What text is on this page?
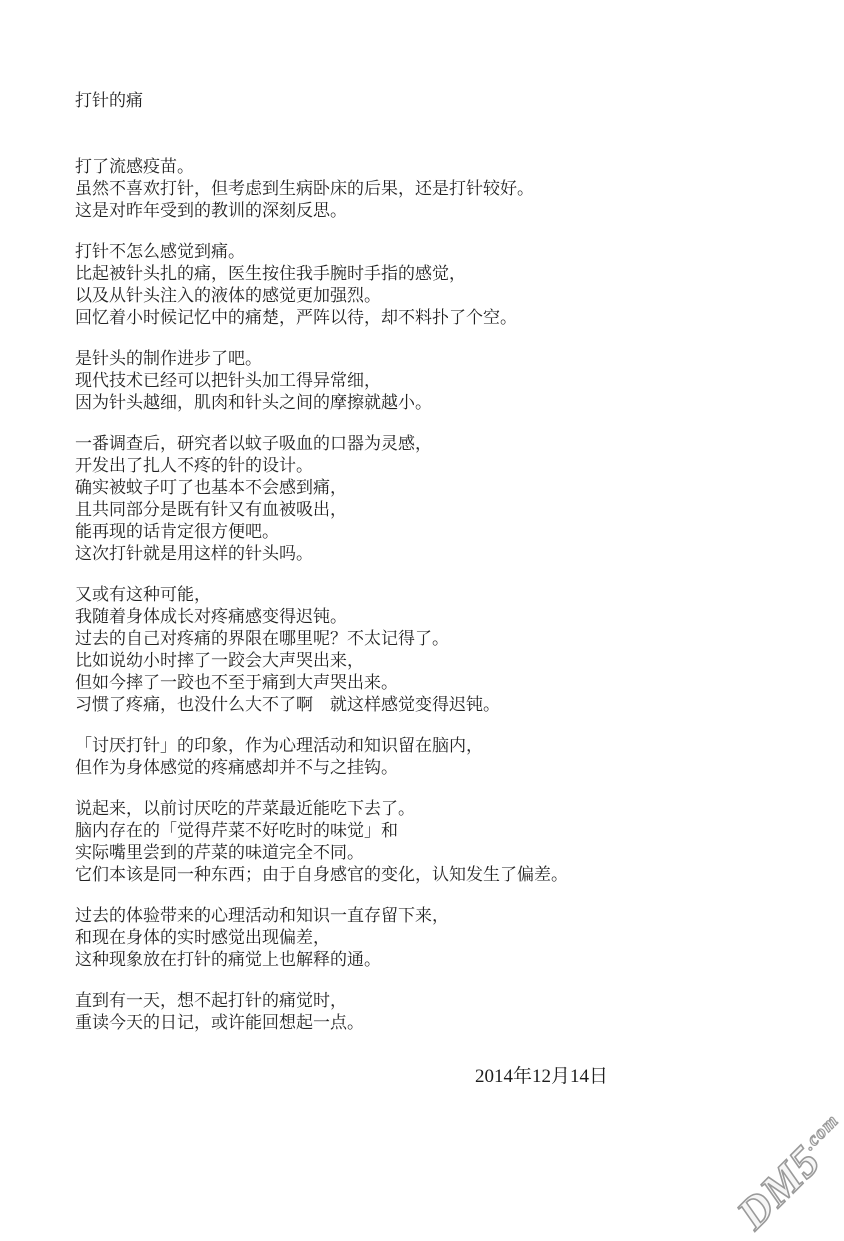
打针的痛

打了流感疫苗。
虽然不喜欢打针，但考虑到生病卧床的后果，还是打针较好。
这是对昨年受到的教训的深刻反思。

打针不怎么感觉到痛。
比起被针头扎的痛，医生按住我手腕时手指的感觉，
以及从针头注入的液体的感觉更加强烈。
回忆着小时候记忆中的痛楚，严阵以待，却不料扑了个空。

是针头的制作进步了吧。
现代技术已经可以把针头加工得异常细，
因为针头越细，肌肉和针头之间的摩擦就越小。

一番调查后，研究者以蚊子吸血的口器为灵感，
开发出了扎人不疼的针的设计。
确实被蚊子叮了也基本不会感到痛，
且共同部分是既有针又有血被吸出，
能再现的话肯定很方便吧。
这次打针就是用这样的针头吗。

又或有这种可能，
我随着身体成长对疼痛感变得迟钝。
过去的自己对疼痛的界限在哪里呢？不太记得了。
比如说幼小时摔了一跤会大声哭出来，
但如今摔了一跤也不至于痛到大声哭出来。
习惯了疼痛，也没什么大不了啊　就这样感觉变得迟钝。

「讨厌打针」的印象，作为心理活动和知识留在脑内，
但作为身体感觉的疼痛感却并不与之挂钩。

说起来，以前讨厌吃的芹菜最近能吃下去了。
脑内存在的「觉得芹菜不好吃时的味觉」和
实际嘴里尝到的芹菜的味道完全不同。
它们本该是同一种东西；由于自身感官的变化，认知发生了偏差。

过去的体验带来的心理活动和知识一直存留下来，
和现在身体的实时感觉出现偏差，
这种现象放在打针的痛觉上也解释的通。

直到有一天，想不起打针的痛觉时，
重读今天的日记，或许能回想起一点。

2014年12月14日
DM5.com
